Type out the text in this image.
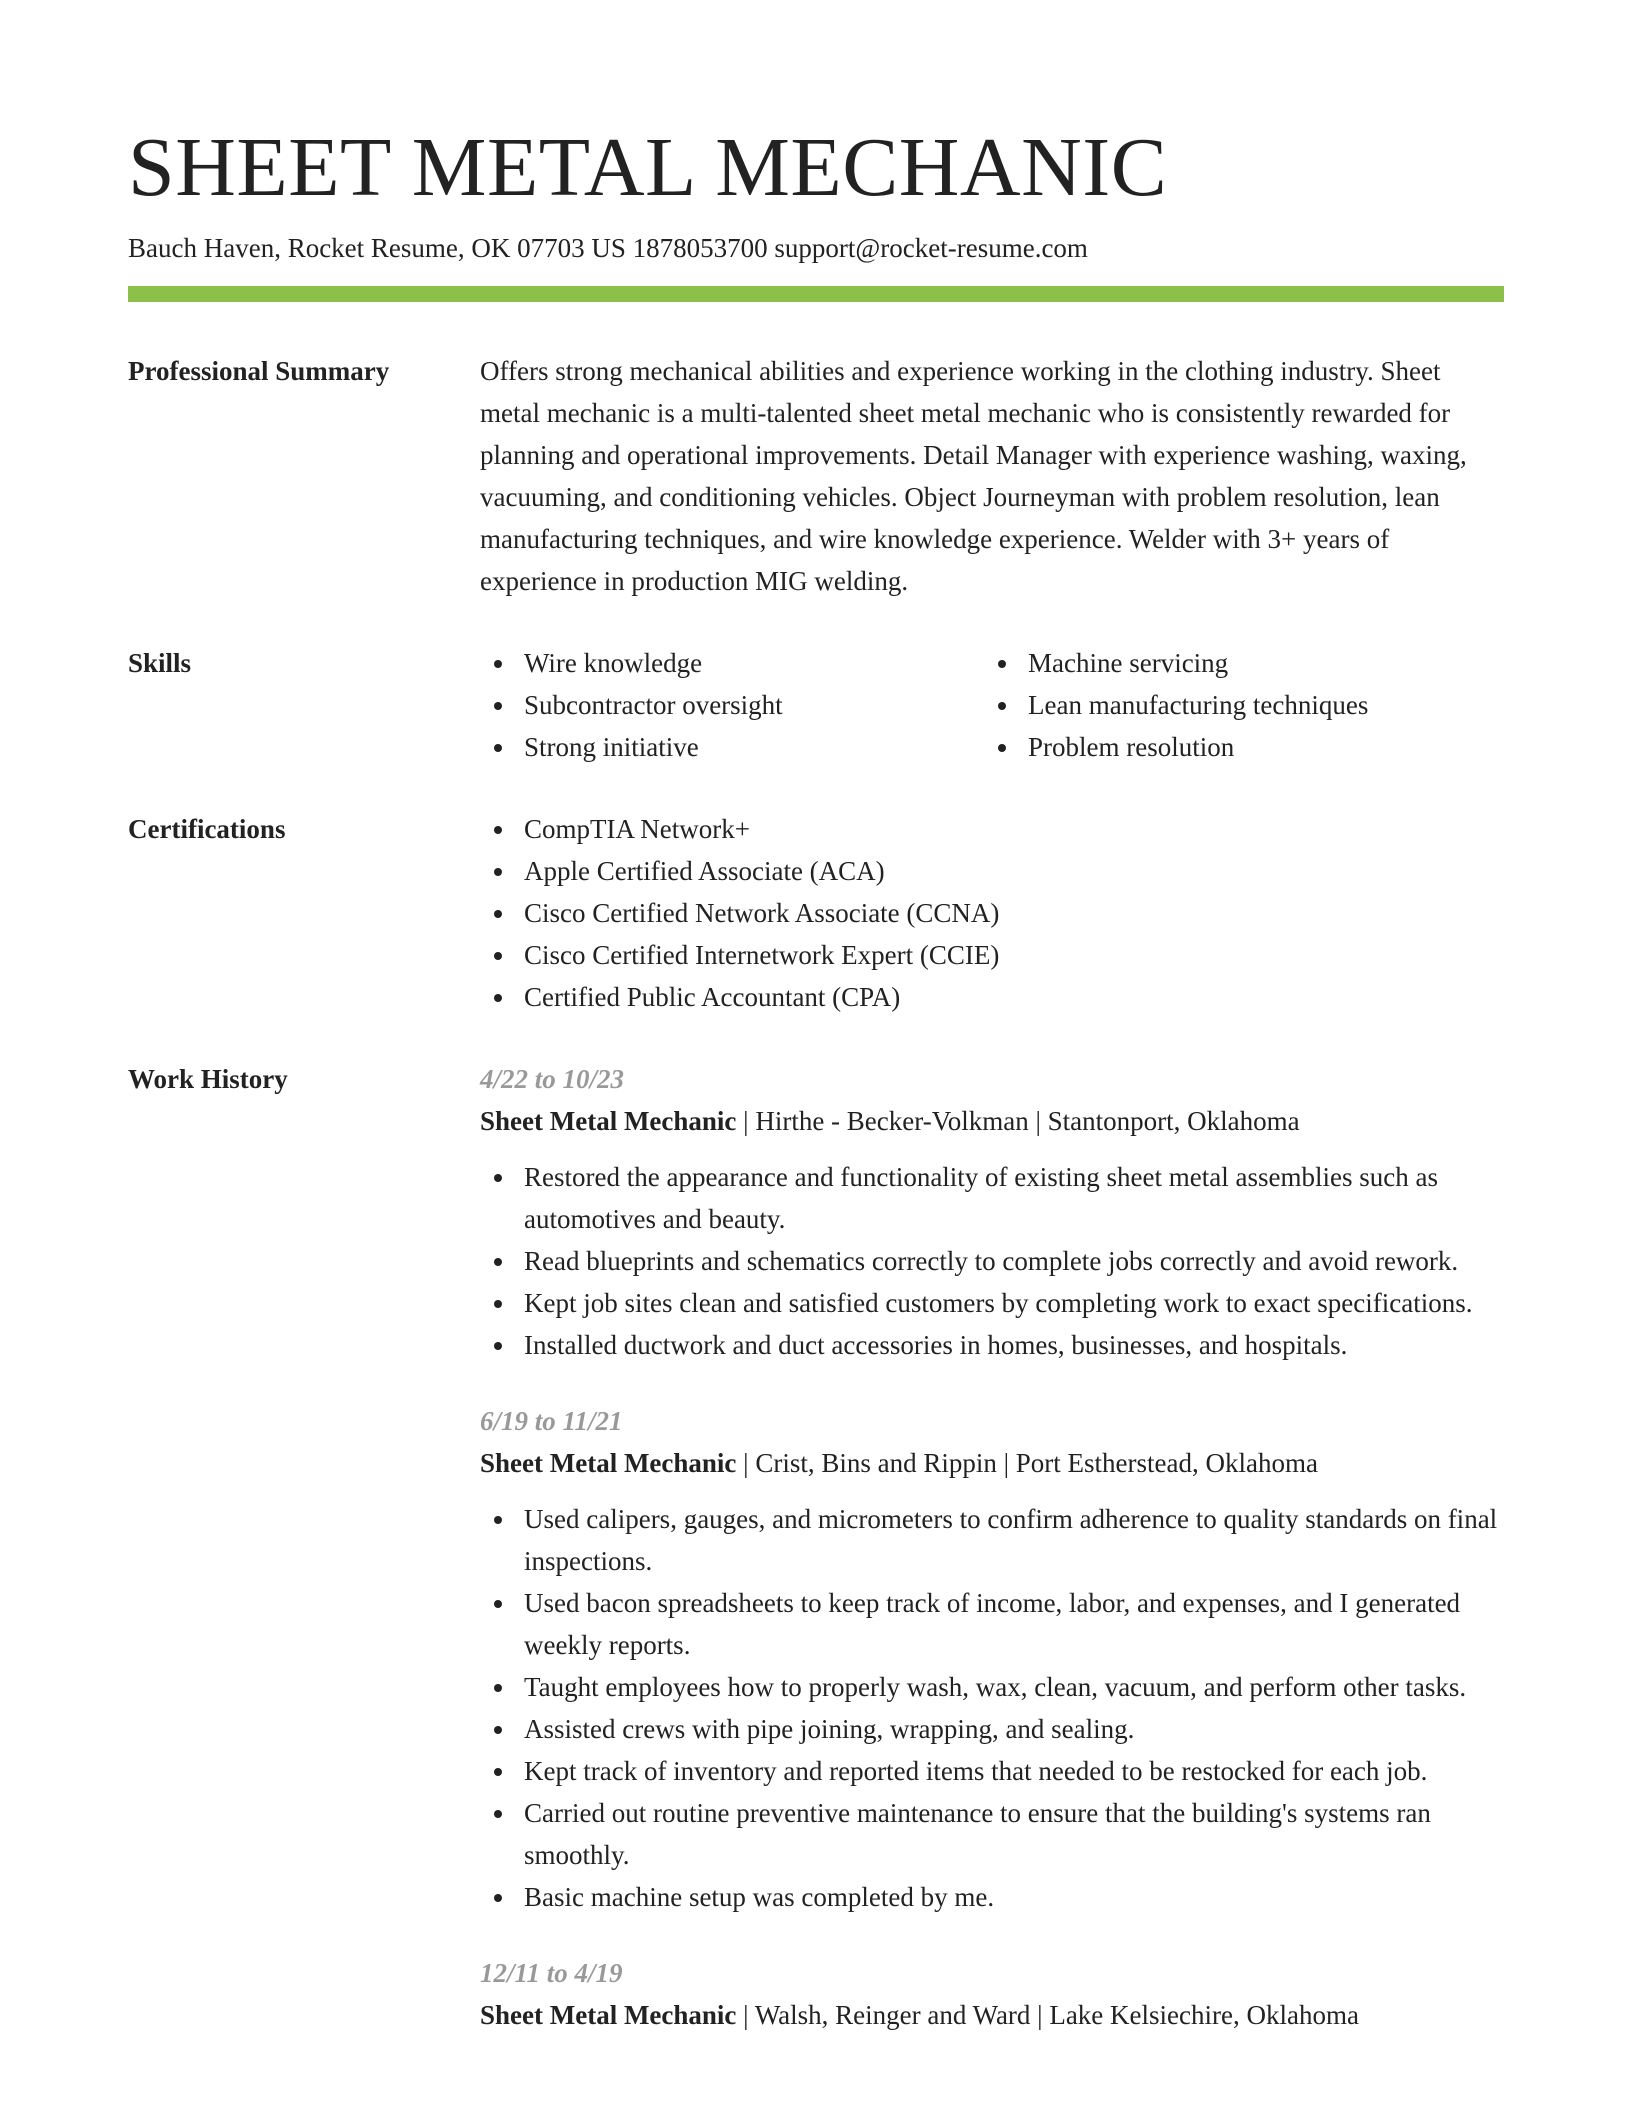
SHEET METAL MECHANIC
Bauch Haven, Rocket Resume, OK 07703 US 1878053700 support@rocket-resume.com
Professional Summary	Offers strong mechanical abilities and experience working in the clothing industry. Sheet metal mechanic is a multi-talented sheet metal mechanic who is consistently rewarded for planning and operational improvements. Detail Manager with experience washing, waxing, vacuuming, and conditioning vehicles. Object Journeyman with problem resolution, lean manufacturing techniques, and wire knowledge experience. Welder with 3+ years of experience in production MIG welding.

Skills	Wire knowledge
Subcontractor oversight
Strong initiative
Machine servicing
Lean manufacturing techniques
Problem resolution
Certifications	CompTIA Network+
Apple Certified Associate (ACA)
Cisco Certified Network Associate (CCNA)
Cisco Certified Internetwork Expert (CCIE)
Certified Public Accountant (CPA)
Work History	4/22 to 10/23
Sheet Metal Mechanic | Hirthe - Becker-Volkman | Stantonport, Oklahoma
Restored the appearance and functionality of existing sheet metal assemblies such as automotives and beauty.
Read blueprints and schematics correctly to complete jobs correctly and avoid rework.
Kept job sites clean and satisfied customers by completing work to exact specifications.
Installed ductwork and duct accessories in homes, businesses, and hospitals.
6/19 to 11/21
Sheet Metal Mechanic | Crist, Bins and Rippin | Port Estherstead, Oklahoma
Used calipers, gauges, and micrometers to confirm adherence to quality standards on final inspections.
Used bacon spreadsheets to keep track of income, labor, and expenses, and I generated weekly reports.
Taught employees how to properly wash, wax, clean, vacuum, and perform other tasks.
Assisted crews with pipe joining, wrapping, and sealing.
Kept track of inventory and reported items that needed to be restocked for each job.
Carried out routine preventive maintenance to ensure that the building's systems ran smoothly.
Basic machine setup was completed by me.
12/11 to 4/19
Sheet Metal Mechanic | Walsh, Reinger and Ward | Lake Kelsiechire, Oklahoma
